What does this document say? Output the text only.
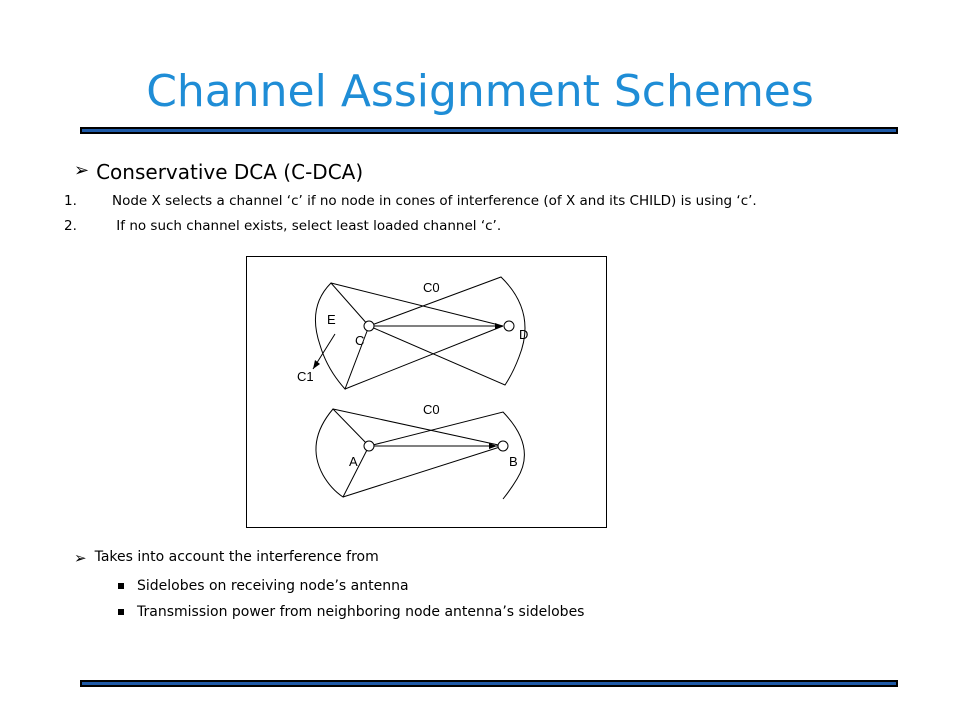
Channel Assignment Schemes
➢ Conservative DCA (C-DCA)
1.	Node X selects a channel ‘c’ if no node in cones of interference (of X and its CHILD) is using ‘c’.
2.	If no such channel exists, select least loaded channel ‘c’.
C0
E
C	D
C1
C0
A	B
➢ Takes into account the interference from
Sidelobes on receiving node’s antenna
Transmission power from neighboring node antenna’s sidelobes
